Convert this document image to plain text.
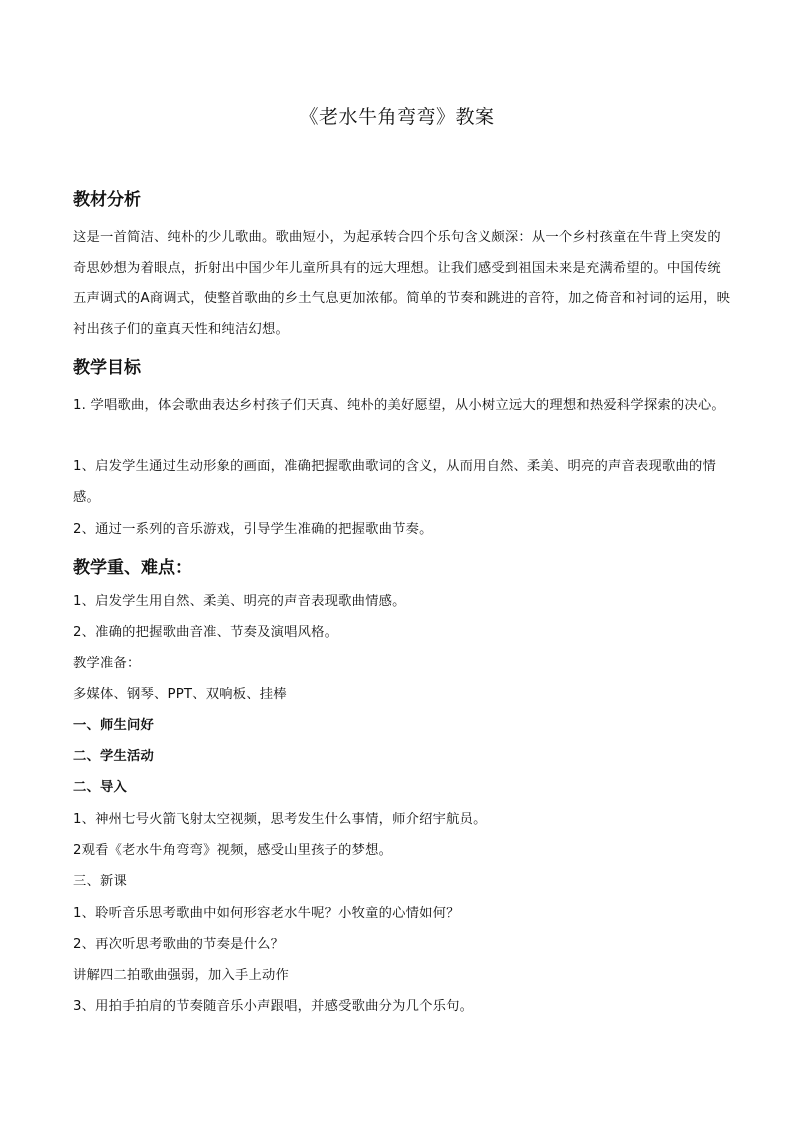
《老水牛角弯弯》教案
教材分析
这是一首简洁、纯朴的少儿歌曲。歌曲短小，为起承转合四个乐句含义颇深：从一个乡村孩童在牛背上突发的奇思妙想为着眼点，折射出中国少年儿童所具有的远大理想。让我们感受到祖国未来是充满希望的。中国传统五声调式的A商调式，使整首歌曲的乡土气息更加浓郁。简单的节奏和跳进的音符，加之倚音和衬词的运用，映衬出孩子们的童真天性和纯洁幻想。
教学目标
1. 学唱歌曲，体会歌曲表达乡村孩子们天真、纯朴的美好愿望，从小树立远大的理想和热爱科学探索的决心。
1、启发学生通过生动形象的画面，准确把握歌曲歌词的含义，从而用自然、柔美、明亮的声音表现歌曲的情感。
2、通过一系列的音乐游戏，引导学生准确的把握歌曲节奏。
教学重、难点：
1、启发学生用自然、柔美、明亮的声音表现歌曲情感。
2、准确的把握歌曲音准、节奏及演唱风格。
教学准备：
多媒体、钢琴、PPT、双响板、挂棒
一、师生问好
二、学生活动
二、导入
1、神州七号火箭飞射太空视频，思考发生什么事情，师介绍宇航员。
2观看《老水牛角弯弯》视频，感受山里孩子的梦想。
三、新课
1、聆听音乐思考歌曲中如何形容老水牛呢？小牧童的心情如何？
2、再次听思考歌曲的节奏是什么？
讲解四二拍歌曲强弱，加入手上动作
3、用拍手拍肩的节奏随音乐小声跟唱，并感受歌曲分为几个乐句。
